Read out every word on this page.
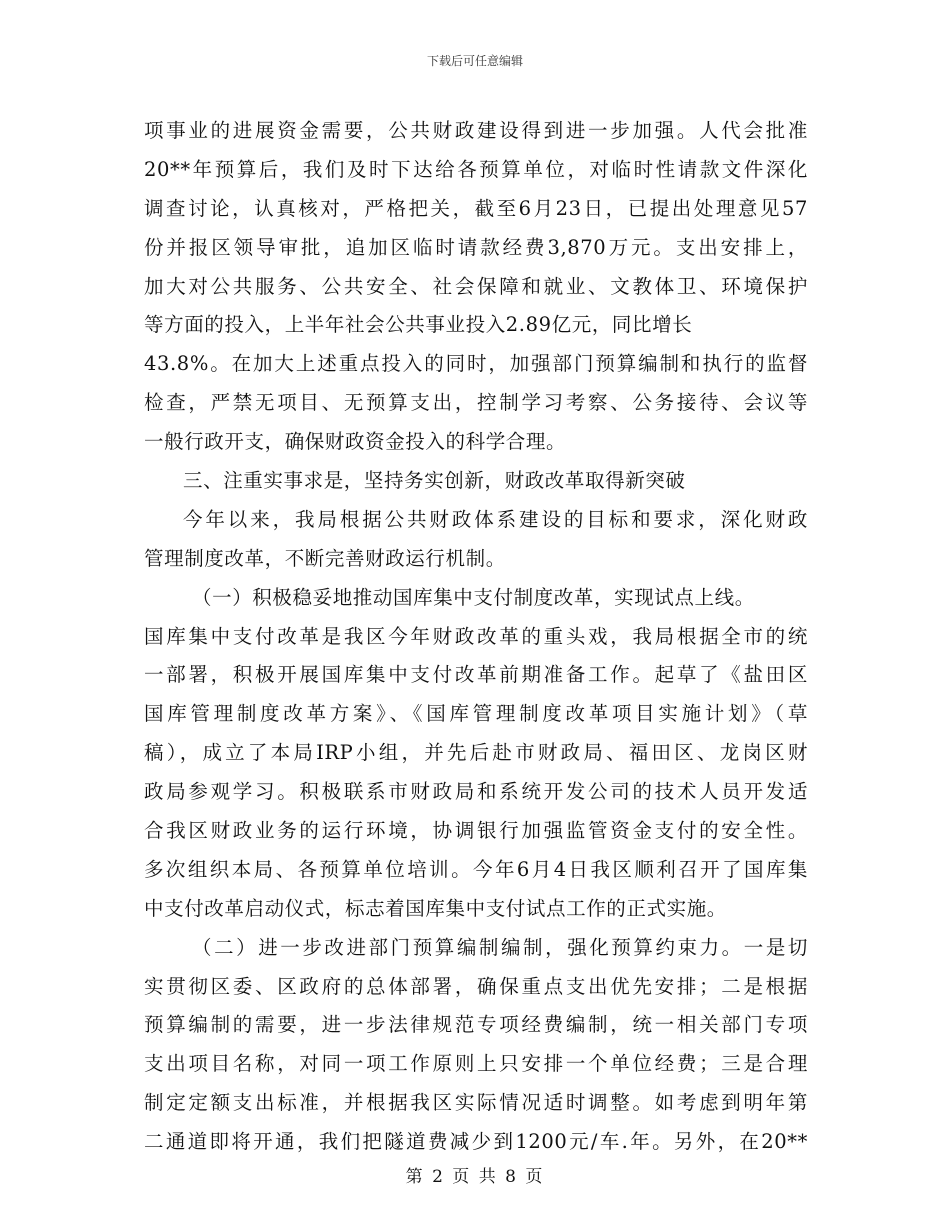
下载后可任意编辑
项事业的进展资金需要，公共财政建设得到进一步加强。人代会批准
20**年预算后，我们及时下达给各预算单位，对临时性请款文件深化
调查讨论，认真核对，严格把关，截至6月23日，已提出处理意见57
份并报区领导审批，追加区临时请款经费3,870万元。支出安排上，
加大对公共服务、公共安全、社会保障和就业、文教体卫、环境保护
等方面的投入，上半年社会公共事业投入2.89亿元，同比增长
43.8%。在加大上述重点投入的同时，加强部门预算编制和执行的监督
检查，严禁无项目、无预算支出，控制学习考察、公务接待、会议等
一般行政开支，确保财政资金投入的科学合理。
三、注重实事求是，坚持务实创新，财政改革取得新突破
今年以来，我局根据公共财政体系建设的目标和要求，深化财政
管理制度改革，不断完善财政运行机制。
（一）积极稳妥地推动国库集中支付制度改革，实现试点上线。
国库集中支付改革是我区今年财政改革的重头戏，我局根据全市的统
一部署，积极开展国库集中支付改革前期准备工作。起草了《盐田区
国库管理制度改革方案》、《国库管理制度改革项目实施计划》（草
稿），成立了本局IRP小组，并先后赴市财政局、福田区、龙岗区财
政局参观学习。积极联系市财政局和系统开发公司的技术人员开发适
合我区财政业务的运行环境，协调银行加强监管资金支付的安全性。
多次组织本局、各预算单位培训。今年6月4日我区顺利召开了国库集
中支付改革启动仪式，标志着国库集中支付试点工作的正式实施。
（二）进一步改进部门预算编制编制，强化预算约束力。一是切
实贯彻区委、区政府的总体部署，确保重点支出优先安排；二是根据
预算编制的需要，进一步法律规范专项经费编制，统一相关部门专项
支出项目名称，对同一项工作原则上只安排一个单位经费；三是合理
制定定额支出标准，并根据我区实际情况适时调整。如考虑到明年第
二通道即将开通，我们把隧道费减少到1200元/车.年。另外，在20**
第 2 页 共 8 页
